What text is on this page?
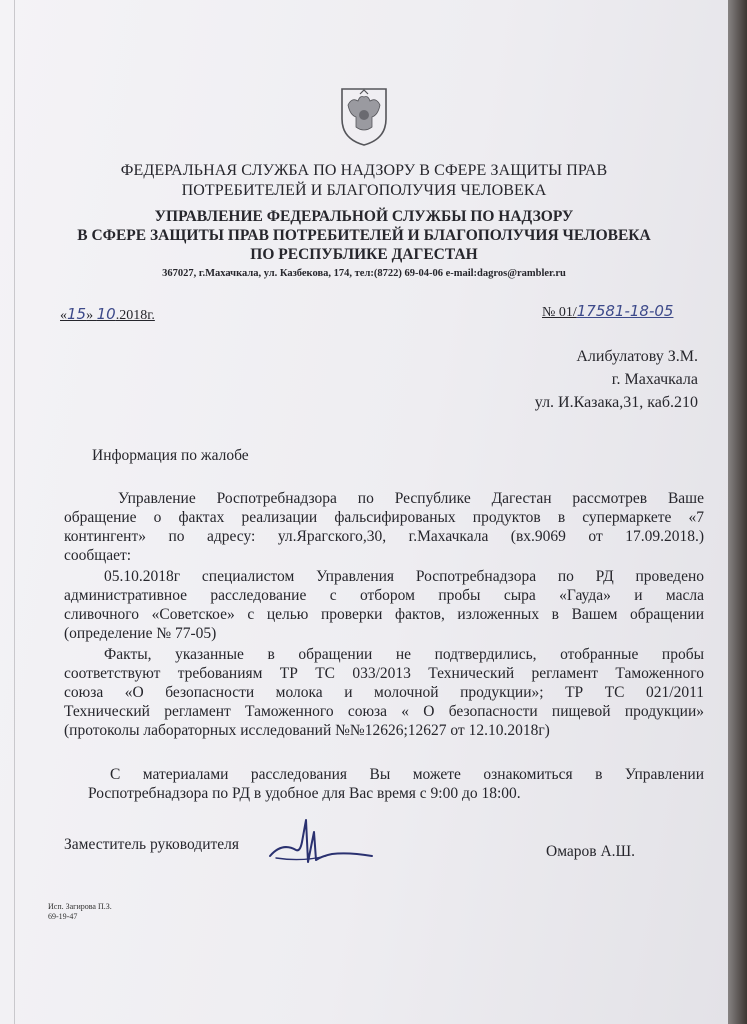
ФЕДЕРАЛЬНАЯ СЛУЖБА ПО НАДЗОРУ В СФЕРЕ ЗАЩИТЫ ПРАВ
ПОТРЕБИТЕЛЕЙ И БЛАГОПОЛУЧИЯ ЧЕЛОВЕКА
УПРАВЛЕНИЕ ФЕДЕРАЛЬНОЙ СЛУЖБЫ ПО НАДЗОРУ
В СФЕРЕ ЗАЩИТЫ ПРАВ ПОТРЕБИТЕЛЕЙ И БЛАГОПОЛУЧИЯ ЧЕЛОВЕКА
ПО РЕСПУБЛИКЕ ДАГЕСТАН
367027, г.Махачкала, ул. Казбекова, 174, тел:(8722) 69-04-06 e-mail:dagros@rambler.ru
«15» 10.2018г.	№ 01/17581-18-05
Алибулатову З.М.
г. Махачкала
ул. И.Казака,31, каб.210
Информация по жалобе
Управление Роспотребнадзора по Республике Дагестан рассмотрев Ваше
обращение о фактах реализации фальсифированых продуктов в супермаркете «7
контингент» по адресу: ул.Ярагского,30, г.Махачкала (вх.9069 от 17.09.2018.)
сообщает:
05.10.2018г специалистом Управления Роспотребнадзора по РД проведено
административное расследование с отбором пробы сыра «Гауда» и масла
сливочного «Советское» с целью проверки фактов, изложенных в Вашем обращении
(определение № 77-05)
Факты, указанные в обращении не подтвердились, отобранные пробы
соответствуют требованиям ТР ТС 033/2013 Технический регламент Таможенного
союза «О безопасности молока и молочной продукции»; ТР ТС 021/2011
Технический регламент Таможенного союза « О безопасности пищевой продукции»
(протоколы лабораторных исследований №№12626;12627 от 12.10.2018г)
С материалами расследования Вы можете ознакомиться в Управлении
Роспотребнадзора по РД в удобное для Вас время с 9:00 до 18:00.
Заместитель руководителя	Омаров А.Ш.
Исп. Загирова П.З.
69-19-47
